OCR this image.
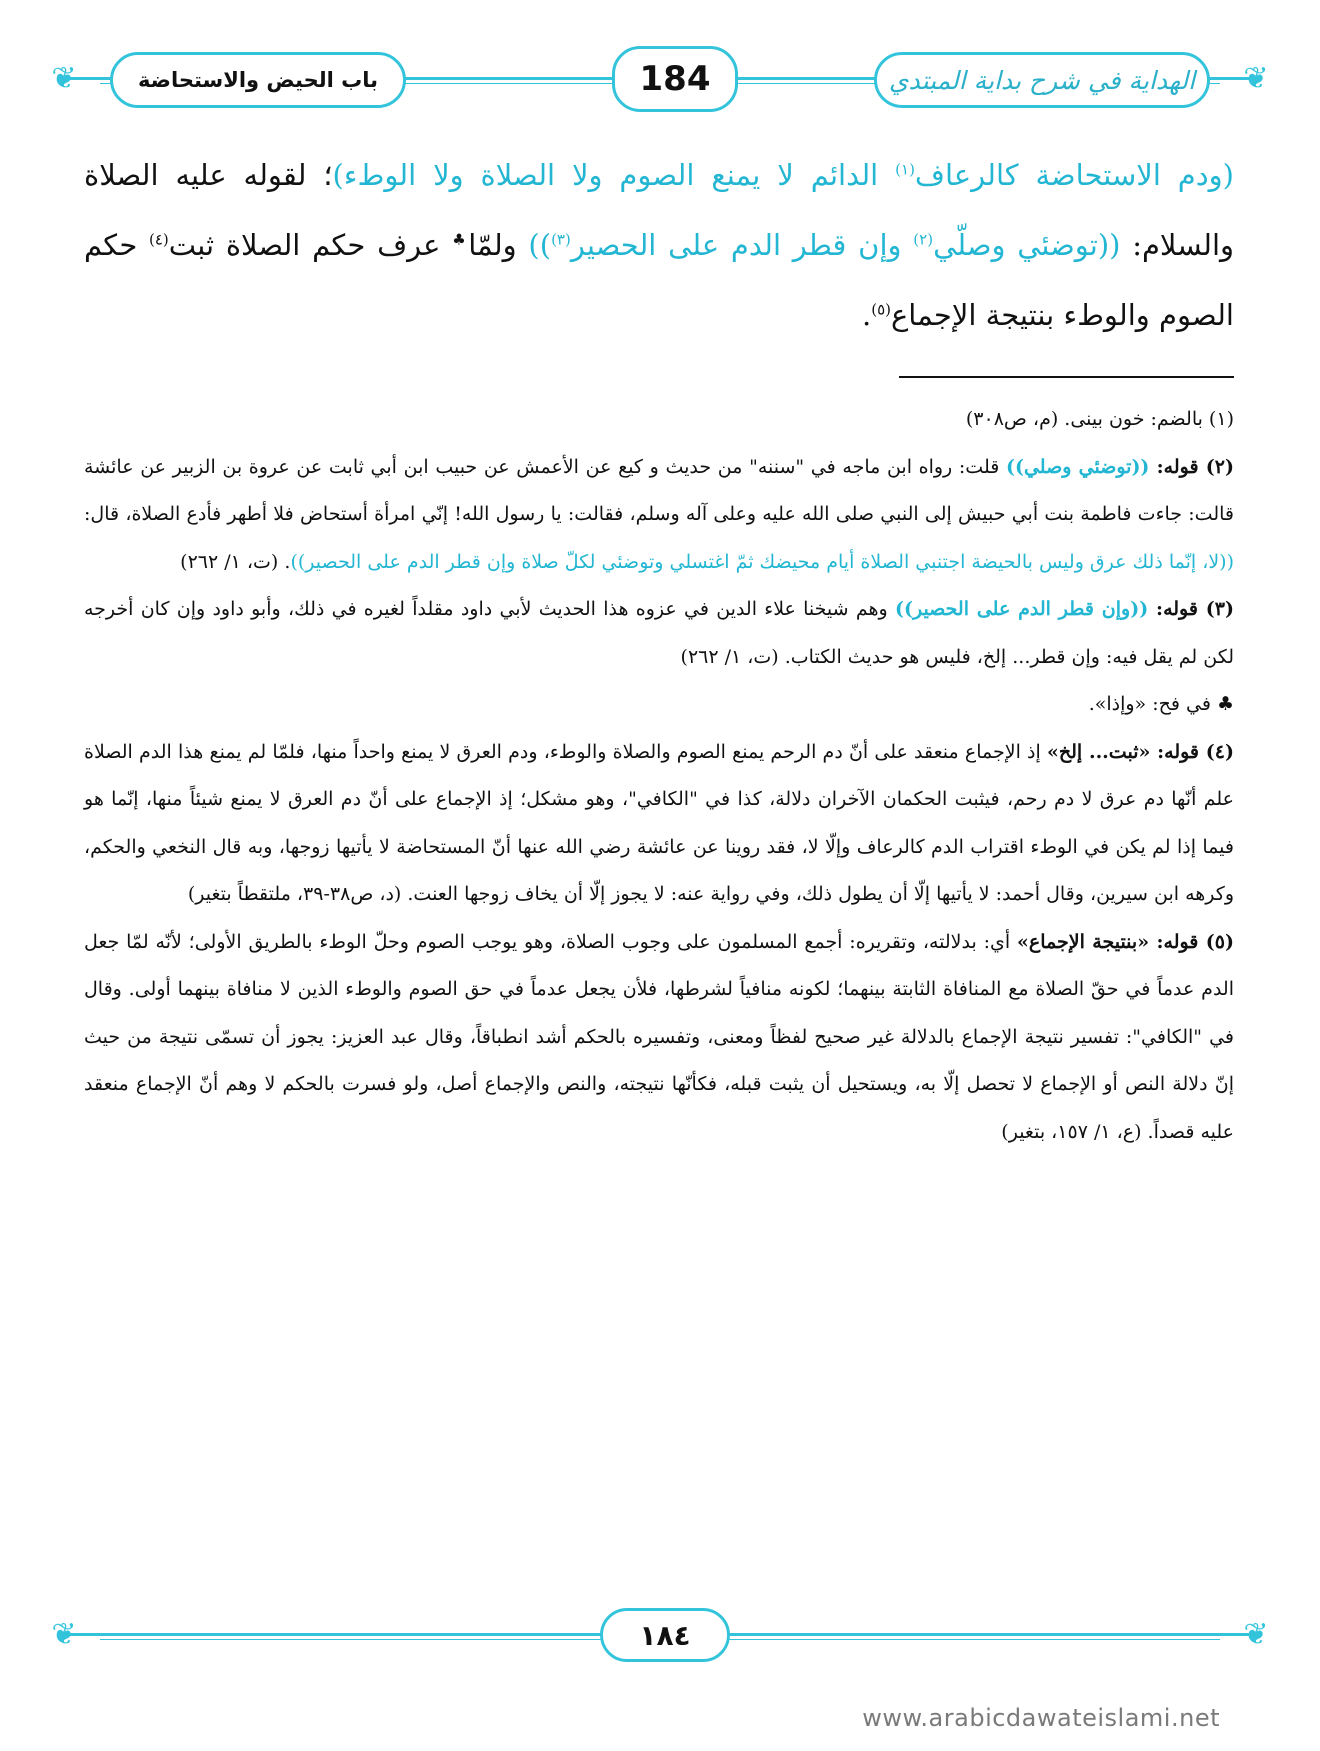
❦	❦
باب الحيض والاستحاضة	184	الهداية في شرح بداية المبتدي

(ودم الاستحاضة كالرعاف$^{(١)}$ الدائم لا يمنع الصوم ولا الصلاة ولا الوطء)؛ لقوله عليه الصلاة والسلام: ((توضئي وصلّي$^{(٢)}$ وإن قطر الدم على الحصير$^{(٣)}$)) ولمّا♣ عرف حكم الصلاة ثبت$^{(٤)}$ حكم الصوم والوطء بنتيجة الإجماع$^{(٥)}$.

(١) بالضم: خون بينى. (م، ص٣٠٨)

(٢) قوله: ((توضئي وصلي)) قلت: رواه ابن ماجه في "سننه" من حديث و كيع عن الأعمش عن حبيب ابن أبي ثابت عن عروة بن الزبير عن عائشة قالت: جاءت فاطمة بنت أبي حبيش إلى النبي صلى الله عليه وعلى آله وسلم، فقالت: يا رسول الله! إنّي امرأة أستحاض فلا أطهر فأدع الصلاة، قال: ((لا، إنّما ذلك عرق وليس بالحيضة اجتنبي الصلاة أيام محيضك ثمّ اغتسلي وتوضئي لكلّ صلاة وإن قطر الدم على الحصير)). (ت، ١/ ٢٦٢)

(٣) قوله: ((وإن قطر الدم على الحصير)) وهم شيخنا علاء الدين في عزوه هذا الحديث لأبي داود مقلداً لغيره في ذلك، وأبو داود وإن كان أخرجه لكن لم يقل فيه: وإن قطر... إلخ، فليس هو حديث الكتاب. (ت، ١/ ٢٦٢)

♣ في فح: «وإذا».

(٤) قوله: «ثبت... إلخ» إذ الإجماع منعقد على أنّ دم الرحم يمنع الصوم والصلاة والوطء، ودم العرق لا يمنع واحداً منها، فلمّا لم يمنع هذا الدم الصلاة علم أنّها دم عرق لا دم رحم، فيثبت الحكمان الآخران دلالة، كذا في "الكافي"، وهو مشكل؛ إذ الإجماع على أنّ دم العرق لا يمنع شيئاً منها، إنّما هو فيما إذا لم يكن في الوطء اقتراب الدم كالرعاف وإلّا لا، فقد روينا عن عائشة رضي الله عنها أنّ المستحاضة لا يأتيها زوجها، وبه قال النخعي والحكم، وكرهه ابن سيرين، وقال أحمد: لا يأتيها إلّا أن يطول ذلك، وفي رواية عنه: لا يجوز إلّا أن يخاف زوجها العنت. (د، ص٣٨-٣٩، ملتقطاً بتغير)

(٥) قوله: «بنتيجة الإجماع» أي: بدلالته، وتقريره: أجمع المسلمون على وجوب الصلاة، وهو يوجب الصوم وحلّ الوطء بالطريق الأولى؛ لأنّه لمّا جعل الدم عدماً في حقّ الصلاة مع المنافاة الثابتة بينهما؛ لكونه منافياً لشرطها، فلأن يجعل عدماً في حق الصوم والوطء الذين لا منافاة بينهما أولى. وقال في "الكافي": تفسير نتيجة الإجماع بالدلالة غير صحيح لفظاً ومعنى، وتفسيره بالحكم أشد انطباقاً، وقال عبد العزيز: يجوز أن تسمّى نتيجة من حيث إنّ دلالة النص أو الإجماع لا تحصل إلّا به، ويستحيل أن يثبت قبله، فكأنّها نتيجته، والنص والإجماع أصل، ولو فسرت بالحكم لا وهم أنّ الإجماع منعقد عليه قصداً. (ع، ١/ ١٥٧، بتغير)

❦	❦
١٨٤
www.arabicdawateislami.net
